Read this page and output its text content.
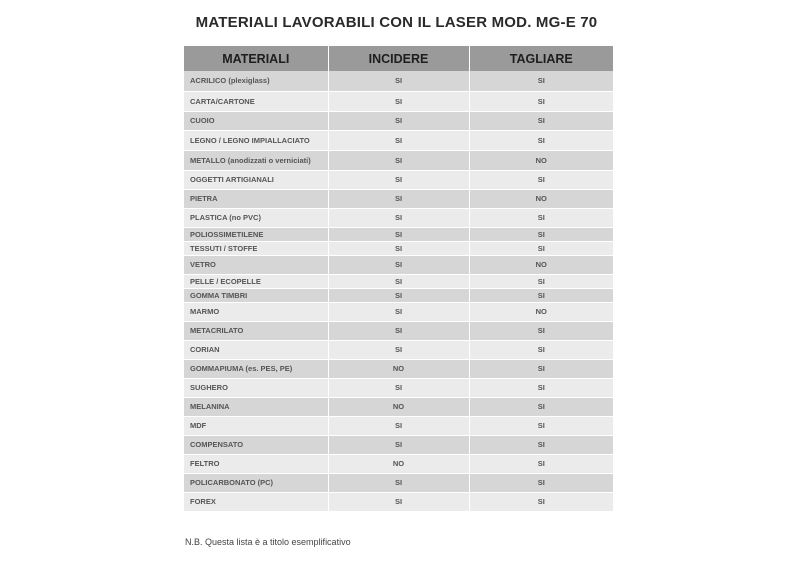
MATERIALI LAVORABILI CON IL LASER MOD. MG-E 70
MATERIALI	INCIDERE	TAGLIARE
ACRILICO (plexiglass)	SI	SI
CARTA/CARTONE	SI	SI
CUOIO	SI	SI
LEGNO / LEGNO IMPIALLACIATO	SI	SI
METALLO (anodizzati o verniciati)	SI	NO
OGGETTI ARTIGIANALI	SI	SI
PIETRA	SI	NO
PLASTICA (no PVC)	SI	SI
POLIOSSIMETILENE	SI	SI
TESSUTI / STOFFE	SI	SI
VETRO	SI	NO
PELLE / ECOPELLE	SI	SI
GOMMA TIMBRI	SI	SI
MARMO	SI	NO
METACRILATO	SI	SI
CORIAN	SI	SI
GOMMAPIUMA (es. PES, PE)	NO	SI
SUGHERO	SI	SI
MELANINA	NO	SI
MDF	SI	SI
COMPENSATO	SI	SI
FELTRO	NO	SI
POLICARBONATO (PC)	SI	SI
FOREX	SI	SI
N.B. Questa lista è a titolo esemplificativo
